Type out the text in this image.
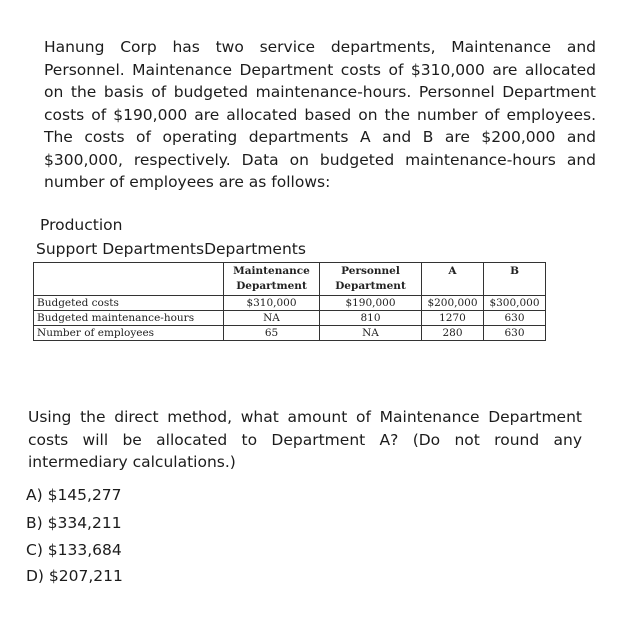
Hanung Corp has two service departments, Maintenance and Personnel. Maintenance Department costs of $310,000 are allocated on the basis of budgeted maintenance-hours. Personnel Department costs of $190,000 are allocated based on the number of employees. The costs of operating departments A and B are $200,000 and $300,000, respectively. Data on budgeted maintenance-hours and number of employees are as follows:

Production
Support DepartmentsDepartments
	Maintenance Department	Personnel Department	A	B
Budgeted costs	$310,000	$190,000	$200,000	$300,000
Budgeted maintenance-hours	NA	810	1270	630
Number of employees	65	NA	280	630

Using the direct method, what amount of Maintenance Department costs will be allocated to Department A? (Do not round any intermediary calculations.)

A) $145,277
B) $334,211
C) $133,684
D) $207,211
